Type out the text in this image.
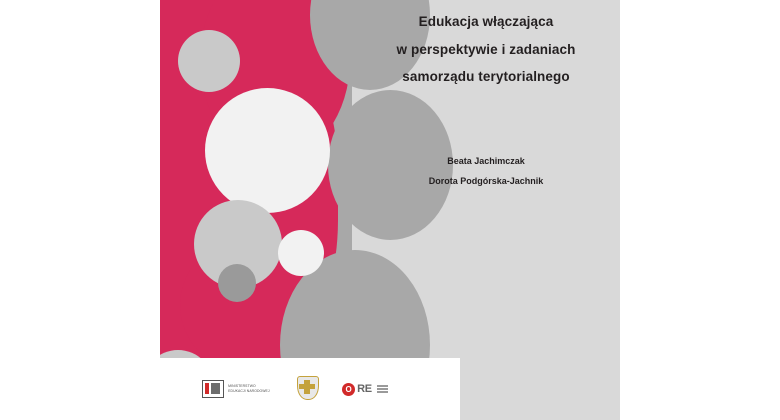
Edukacja włączająca
w perspektywie i zadaniach
samorządu terytorialnego
Beata Jachimczak
Dorota Podgórska-Jachnik
MINISTERSTWO EDUKACJI NARODOWEJ	O RE
